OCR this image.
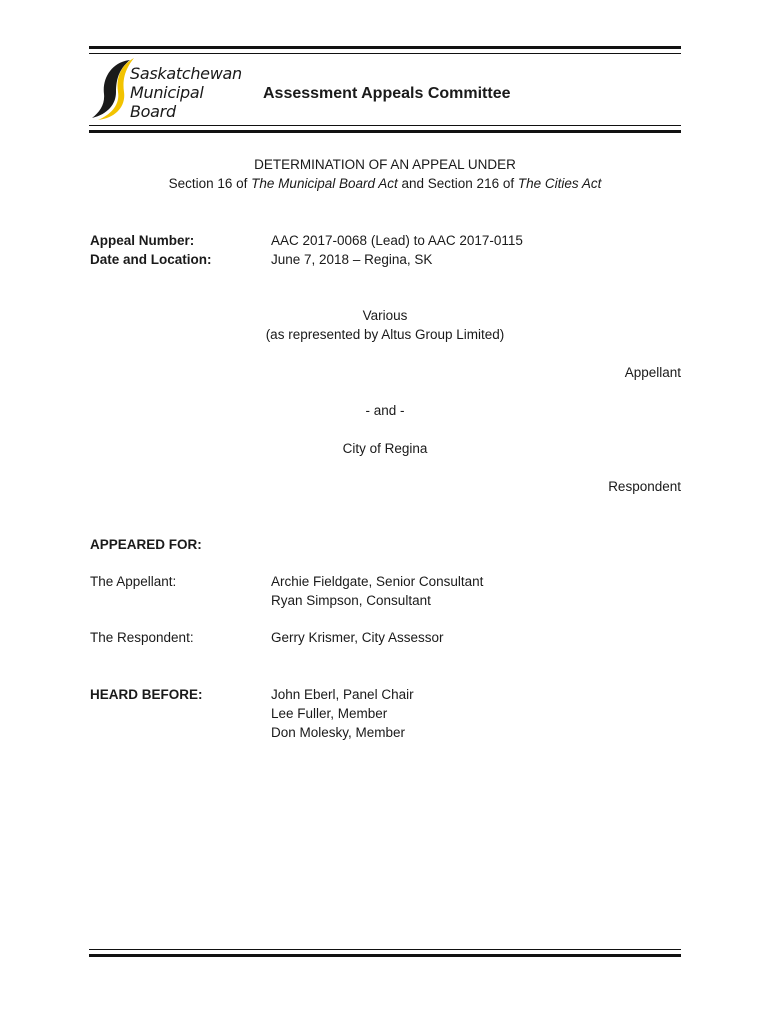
Saskatchewan
Municipal
Board
Assessment Appeals Committee
DETERMINATION OF AN APPEAL UNDER
Section 16 of The Municipal Board Act and Section 216 of The Cities Act
Appeal Number:	AAC 2017-0068 (Lead) to AAC 2017-0115
Date and Location:	June 7, 2018 – Regina, SK
Various
(as represented by Altus Group Limited)
Appellant
- and -
City of Regina
Respondent
APPEARED FOR:
The Appellant:	Archie Fieldgate, Senior Consultant
Ryan Simpson, Consultant
The Respondent:	Gerry Krismer, City Assessor
HEARD BEFORE:	John Eberl, Panel Chair
Lee Fuller, Member
Don Molesky, Member
